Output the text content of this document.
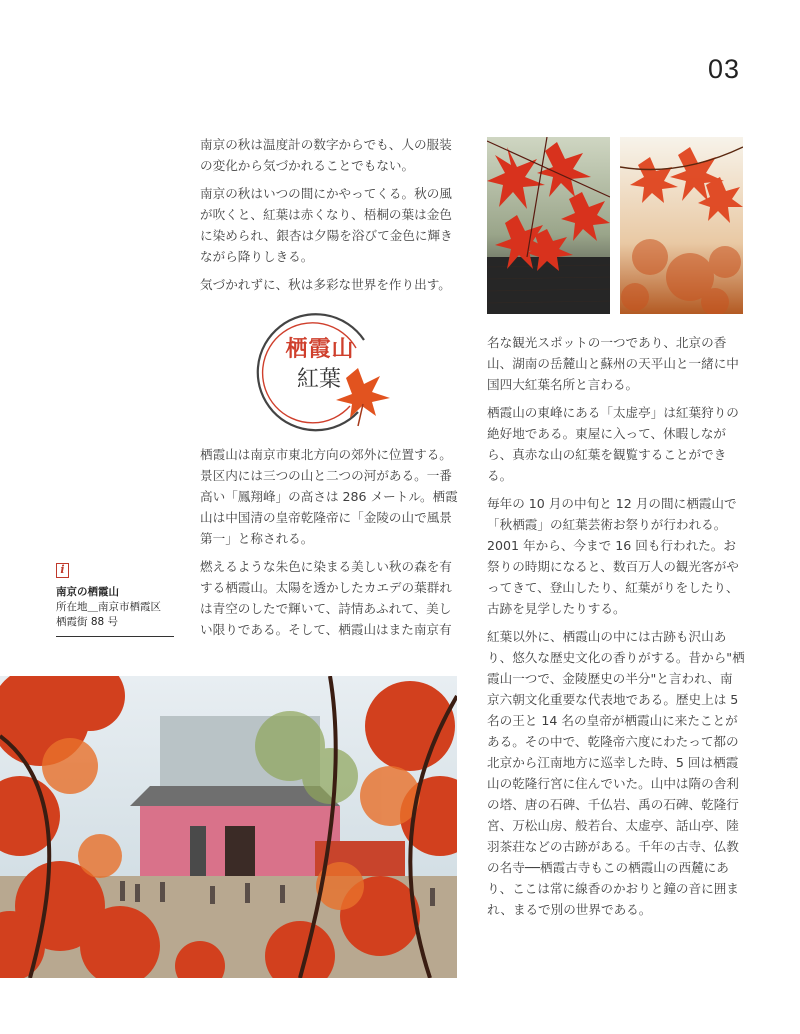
03

南京の秋は温度計の数字からでも、人の服装の変化から気づかれることでもない。

南京の秋はいつの間にかやってくる。秋の風が吹くと、紅葉は赤くなり、梧桐の葉は金色に染められ、銀杏は夕陽を浴びて金色に輝きながら降りしきる。

気づかれずに、秋は多彩な世界を作り出す。

栖霞山
紅葉

栖霞山は南京市東北方向の郊外に位置する。景区内には三つの山と二つの河がある。一番高い「鳳翔峰」の高さは 286 メートル。栖霞山は中国清の皇帝乾隆帝に「金陵の山で風景第一」と称される。

燃えるような朱色に染まる美しい秋の森を有する栖霞山。太陽を透かしたカエデの葉群れは青空のしたで輝いて、詩情あふれて、美しい限りである。そして、栖霞山はまた南京有

名な観光スポットの一つであり、北京の香山、湖南の岳麓山と蘇州の天平山と一緒に中国四大紅葉名所と言わる。

栖霞山の東峰にある「太虚亭」は紅葉狩りの絶好地である。東屋に入って、休暇しながら、真赤な山の紅葉を観覧することができる。

毎年の 10 月の中旬と 12 月の間に栖霞山で「秋栖霞」の紅葉芸術お祭りが行われる。2001 年から、今まで 16 回も行われた。お祭りの時期になると、数百万人の観光客がやってきて、登山したり、紅葉がりをしたり、古跡を見学したりする。

紅葉以外に、栖霞山の中には古跡も沢山あり、悠久な歴史文化の香りがする。昔から"栖霞山一つで、金陵歴史の半分"と言われ、南京六朝文化重要な代表地である。歴史上は 5 名の王と 14 名の皇帝が栖霞山に来たことがある。その中で、乾隆帝六度にわたって都の北京から江南地方に巡幸した時、5 回は栖霞山の乾隆行宮に住んでいた。山中は隋の舎利の塔、唐の石碑、千仏岩、禹の石碑、乾隆行宮、万松山房、般若台、太虚亭、話山亭、陸羽茶荘などの古跡がある。千年の古寺、仏教の名寺──栖霞古寺もこの栖霞山の西麓にあり、ここは常に線香のかおりと鐘の音に囲まれ、まるで別の世界である。

i
南京の栖霞山
所在地＿南京市栖霞区
栖霞街 88 号
